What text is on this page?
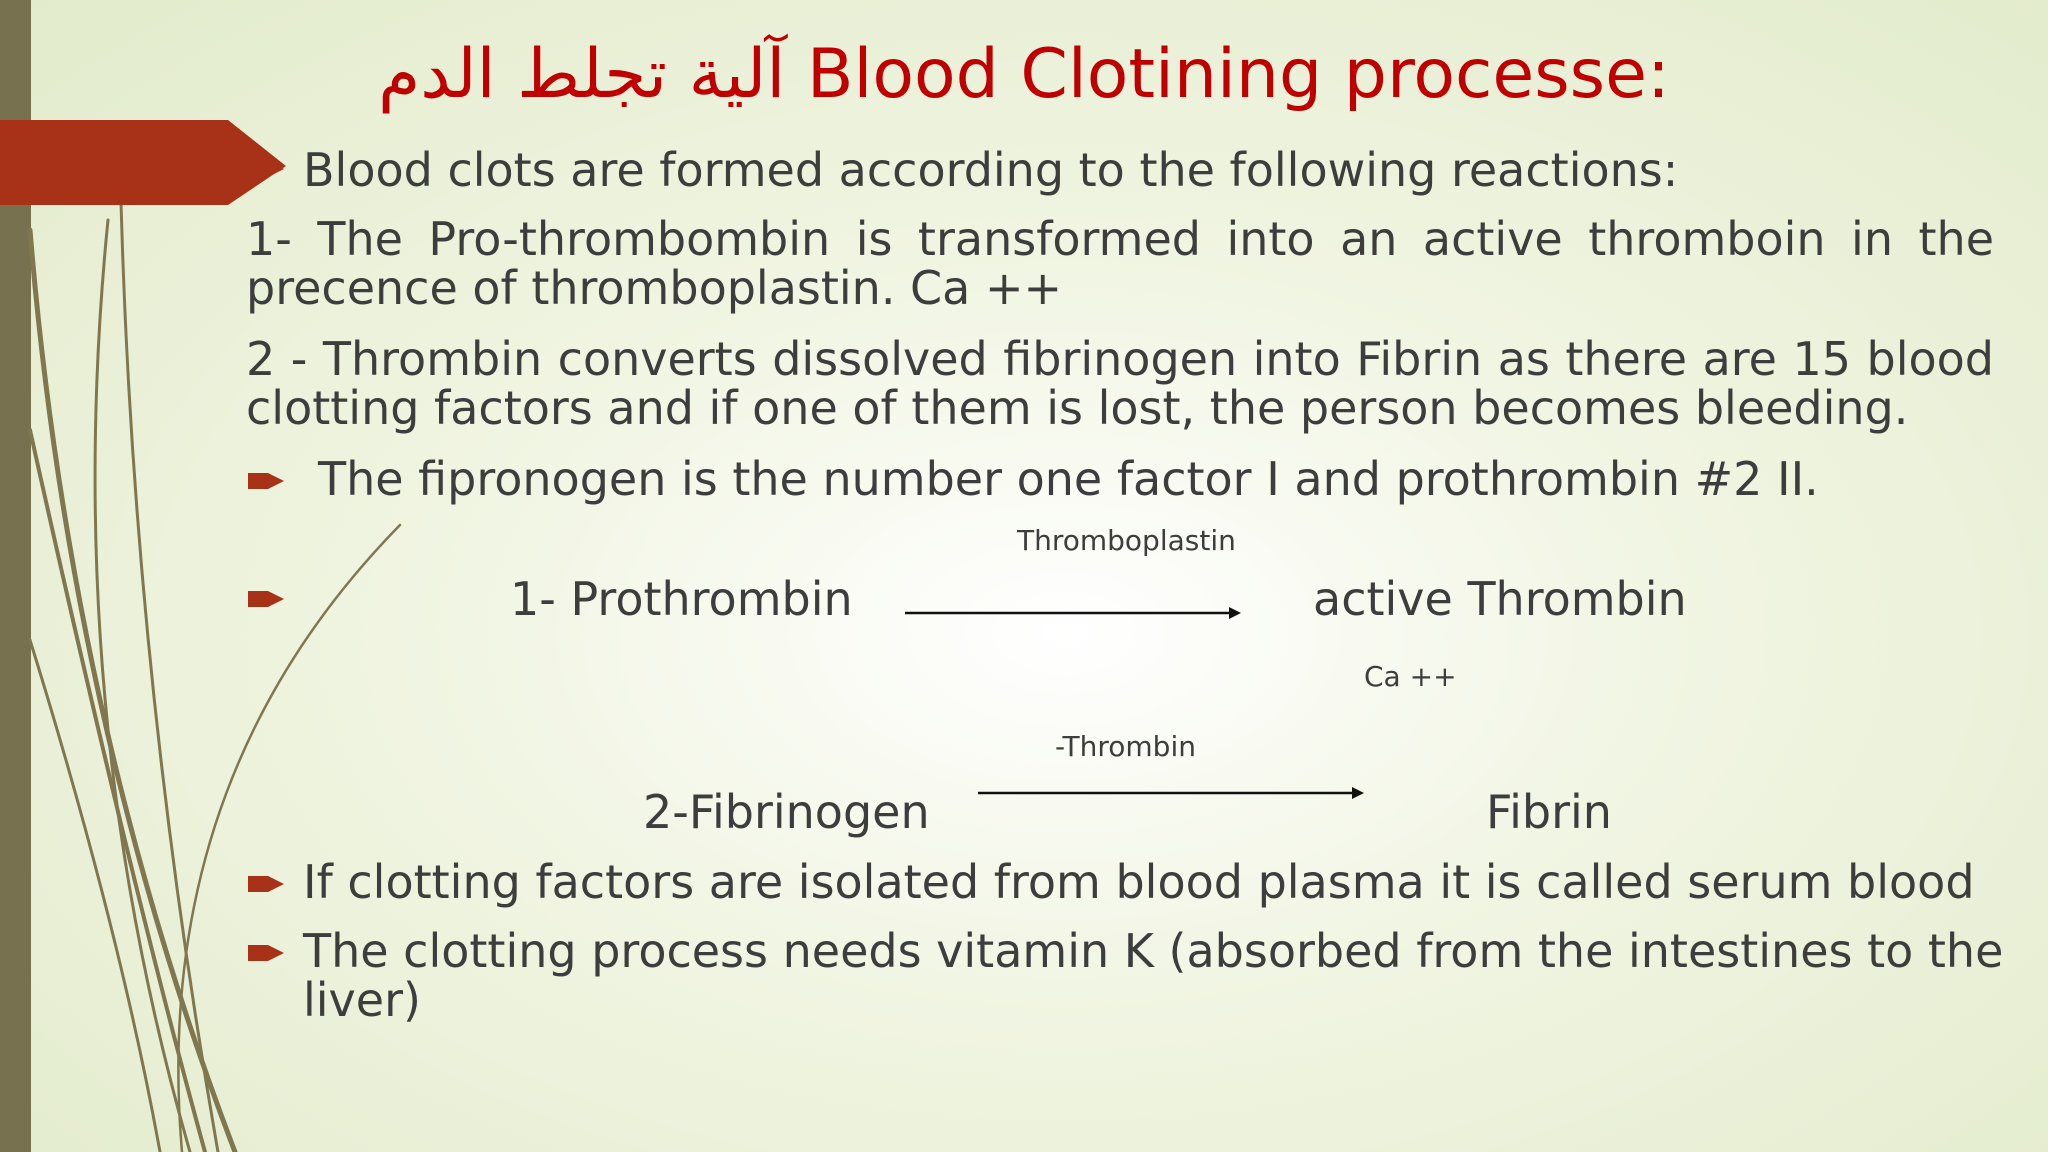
آلية تجلط الدم Blood Clotining processe:
Blood clots are formed according to the following reactions:
1- The Pro-thrombombin is transformed into an active thromboin in the
precence of thromboplastin. Ca ++
2 - Thrombin converts dissolved fibrinogen into Fibrin as there are 15 blood
clotting factors and if one of them is lost, the person becomes bleeding.
The fipronogen is the number one factor I and prothrombin #2 II.
Thromboplastin
1- Prothrombin	active Thrombin
Ca ++
-Thrombin
2-Fibrinogen	Fibrin
If clotting factors are isolated from blood plasma it is called serum blood
The clotting process needs vitamin K (absorbed from the intestines to the
liver)
